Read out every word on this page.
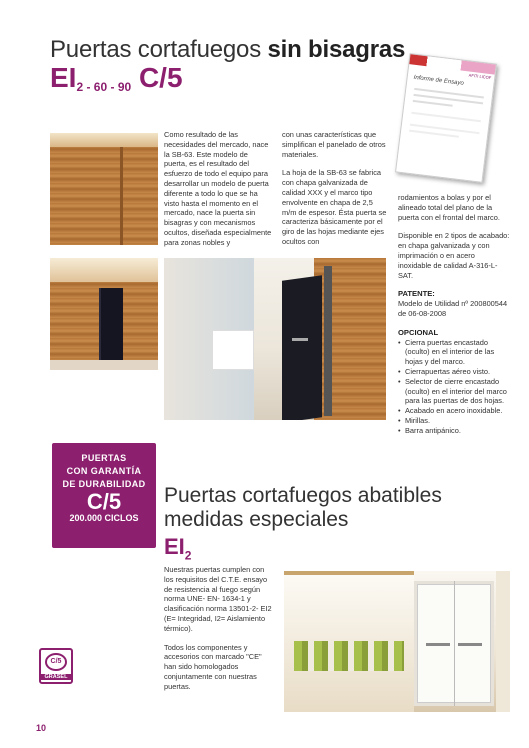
Puertas cortafuegos sin bisagras
$EI_{2 - 60 - 90}$ C/5	AFITI LICOF
Informe de Ensayo

Como resultado de las necesidades del mercado, nace la SB-63. Este modelo de puerta, es el resultado del esfuerzo de todo el equipo para desarrollar un modelo de puerta diferente a todo lo que se ha visto hasta el momento en el mercado, nace la puerta sin bisagras y con mecanismos ocultos, diseñada especialmente para zonas nobles y

con unas características que simplifican el panelado de otros materiales.

La hoja de la SB-63 se fabrica con chapa galvanizada de calidad XXX y el marco tipo envolvente en chapa de 2,5 m/m de espesor. Ésta puerta se caracteriza básicamente por el giro de las hojas mediante ejes ocultos con

rodamientos a bolas y por el alineado total del plano de la puerta con el frontal del marco.

Disponible en 2 tipos de acabado: en chapa galvanizada y con imprimación o en acero inoxidable de calidad A-316-L-SAT.

PATENTE:

Modelo de Utilidad nº 200800544 de 06-08-2008

OPCIONAL
• Cierra puertas encastado (oculto) en el interior de las hojas y del marco.
• Cierrapuertas aéreo visto.
• Selector de cierre encastado (oculto) en el interior del marco para las puertas de dos hojas.
• Acabado en acero inoxidable.
• Mirillas.
• Barra antipánico.
PUERTAS
CON GARANTÍA
DE DURABILIDAD
C/5
200.000 CICLOS
Puertas cortafuegos abatibles medidas especiales
$EI_2$

Nuestras puertas cumplen con los requisitos del C.T.E. ensayo de resistencia al fuego según norma UNE- EN- 1634-1 y clasificación norma 13501-2- EI2 (E= Integridad, I2= Aislamiento térmico).

Todos los componentes y accesorios con marcado "CE" han sido homologados conjuntamente con nuestras puertas.

C/5
GRASEL
10
